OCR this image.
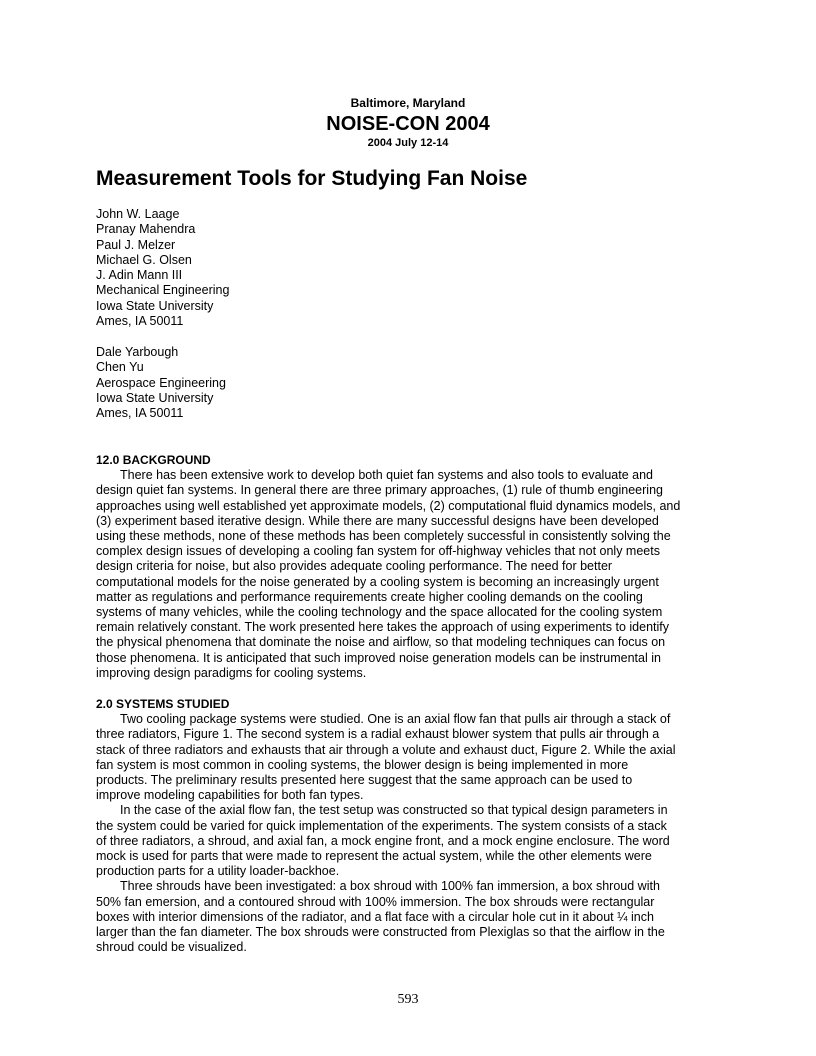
Baltimore, Maryland
NOISE-CON 2004
2004 July 12-14
Measurement Tools for Studying Fan Noise
John W. Laage
Pranay Mahendra
Paul J. Melzer
Michael G. Olsen
J. Adin Mann III
Mechanical Engineering
Iowa State University
Ames, IA 50011
Dale Yarbough
Chen Yu
Aerospace Engineering
Iowa State University
Ames, IA 50011
12.0 BACKGROUND

There has been extensive work to develop both quiet fan systems and also tools to evaluate and
design quiet fan systems. In general there are three primary approaches, (1) rule of thumb engineering
approaches using well established yet approximate models, (2) computational fluid dynamics models, and
(3) experiment based iterative design. While there are many successful designs have been developed
using these methods, none of these methods has been completely successful in consistently solving the
complex design issues of developing a cooling fan system for off-highway vehicles that not only meets
design criteria for noise, but also provides adequate cooling performance. The need for better
computational models for the noise generated by a cooling system is becoming an increasingly urgent
matter as regulations and performance requirements create higher cooling demands on the cooling
systems of many vehicles, while the cooling technology and the space allocated for the cooling system
remain relatively constant. The work presented here takes the approach of using experiments to identify
the physical phenomena that dominate the noise and airflow, so that modeling techniques can focus on
those phenomena. It is anticipated that such improved noise generation models can be instrumental in
improving design paradigms for cooling systems.

2.0 SYSTEMS STUDIED

Two cooling package systems were studied. One is an axial flow fan that pulls air through a stack of
three radiators, Figure 1. The second system is a radial exhaust blower system that pulls air through a
stack of three radiators and exhausts that air through a volute and exhaust duct, Figure 2. While the axial
fan system is most common in cooling systems, the blower design is being implemented in more
products. The preliminary results presented here suggest that the same approach can be used to
improve modeling capabilities for both fan types.

In the case of the axial flow fan, the test setup was constructed so that typical design parameters in
the system could be varied for quick implementation of the experiments. The system consists of a stack
of three radiators, a shroud, and axial fan, a mock engine front, and a mock engine enclosure. The word
mock is used for parts that were made to represent the actual system, while the other elements were
production parts for a utility loader-backhoe.

Three shrouds have been investigated: a box shroud with 100% fan immersion, a box shroud with
50% fan emersion, and a contoured shroud with 100% immersion. The box shrouds were rectangular
boxes with interior dimensions of the radiator, and a flat face with a circular hole cut in it about ¼ inch
larger than the fan diameter. The box shrouds were constructed from Plexiglas so that the airflow in the
shroud could be visualized.

593
